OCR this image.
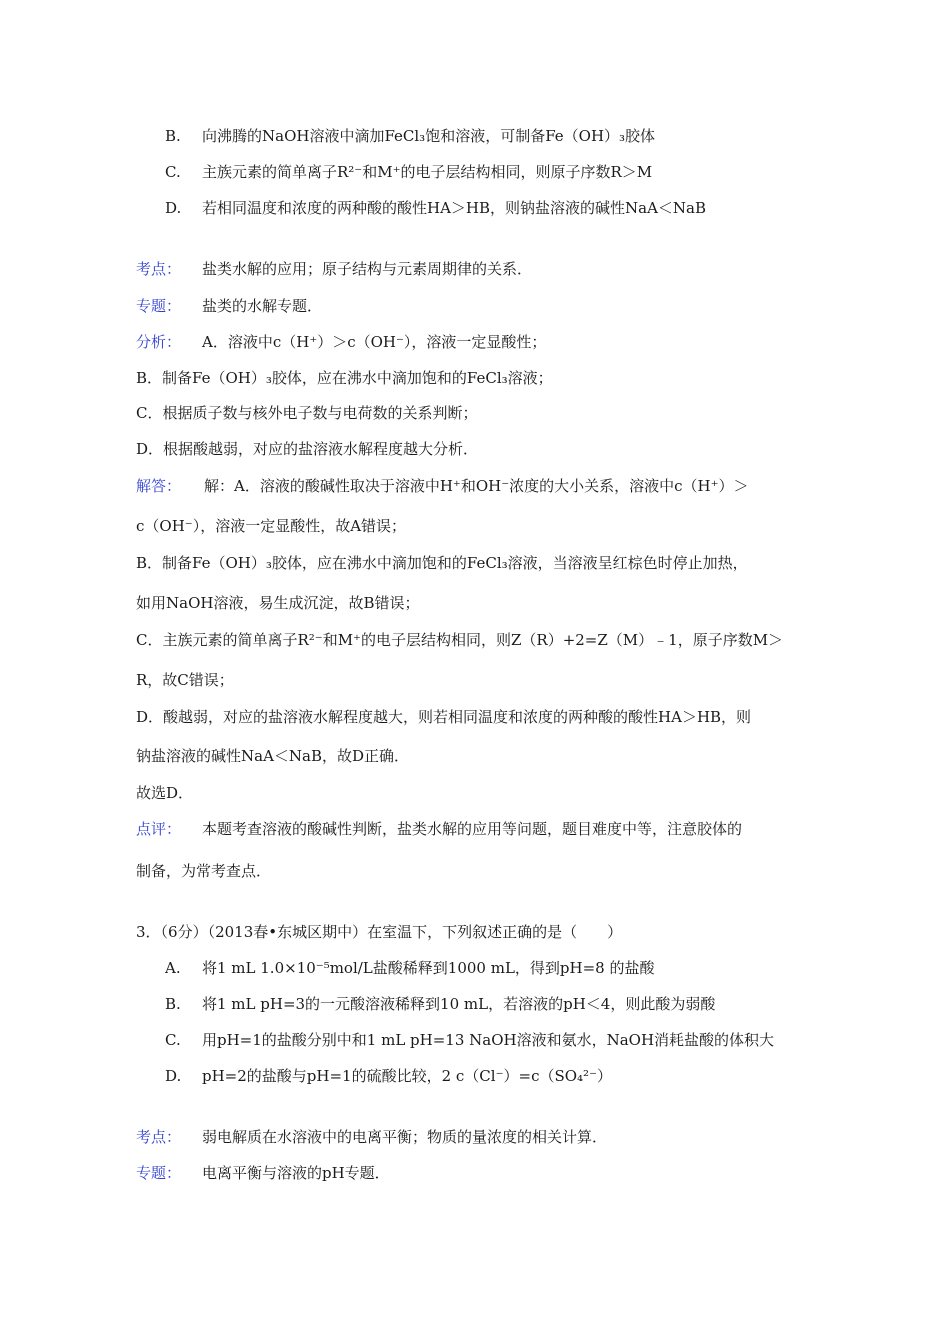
B. 向沸腾的NaOH溶液中滴加FeCl₃饱和溶液，可制备Fe（OH）₃胶体
C. 主族元素的简单离子R²⁻和M⁺的电子层结构相同，则原子序数R＞M
D. 若相同温度和浓度的两种酸的酸性HA＞HB，则钠盐溶液的碱性NaA＜NaB
考点： 盐类水解的应用；原子结构与元素周期律的关系．
专题： 盐类的水解专题．
分析： A．溶液中c（H⁺）＞c（OH⁻），溶液一定显酸性；
B．制备Fe（OH）₃胶体，应在沸水中滴加饱和的FeCl₃溶液；
C．根据质子数与核外电子数与电荷数的关系判断；
D．根据酸越弱，对应的盐溶液水解程度越大分析．
解答： 解：A．溶液的酸碱性取决于溶液中H⁺和OH⁻浓度的大小关系，溶液中c（H⁺）＞
c（OH⁻），溶液一定显酸性，故A错误；
B．制备Fe（OH）₃胶体，应在沸水中滴加饱和的FeCl₃溶液，当溶液呈红棕色时停止加热，
如用NaOH溶液，易生成沉淀，故B错误；
C．主族元素的简单离子R²⁻和M⁺的电子层结构相同，则Z（R）+2=Z（M）﹣1，原子序数M＞
R，故C错误；
D．酸越弱，对应的盐溶液水解程度越大，则若相同温度和浓度的两种酸的酸性HA＞HB，则
钠盐溶液的碱性NaA＜NaB，故D正确．
故选D．
点评： 本题考查溶液的酸碱性判断，盐类水解的应用等问题，题目难度中等，注意胶体的
制备，为常考查点．
3．（6分）（2013春•东城区期中）在室温下，下列叙述正确的是（　　）
A. 将1 mL 1.0×10⁻⁵mol/L盐酸稀释到1000 mL，得到pH=8 的盐酸
B. 将1 mL pH=3的一元酸溶液稀释到10 mL，若溶液的pH＜4，则此酸为弱酸
C. 用pH=1的盐酸分别中和1 mL pH=13 NaOH溶液和氨水，NaOH消耗盐酸的体积大
D. pH=2的盐酸与pH=1的硫酸比较，2 c（Cl⁻）=c（SO₄²⁻）
考点： 弱电解质在水溶液中的电离平衡；物质的量浓度的相关计算．
专题： 电离平衡与溶液的pH专题．
